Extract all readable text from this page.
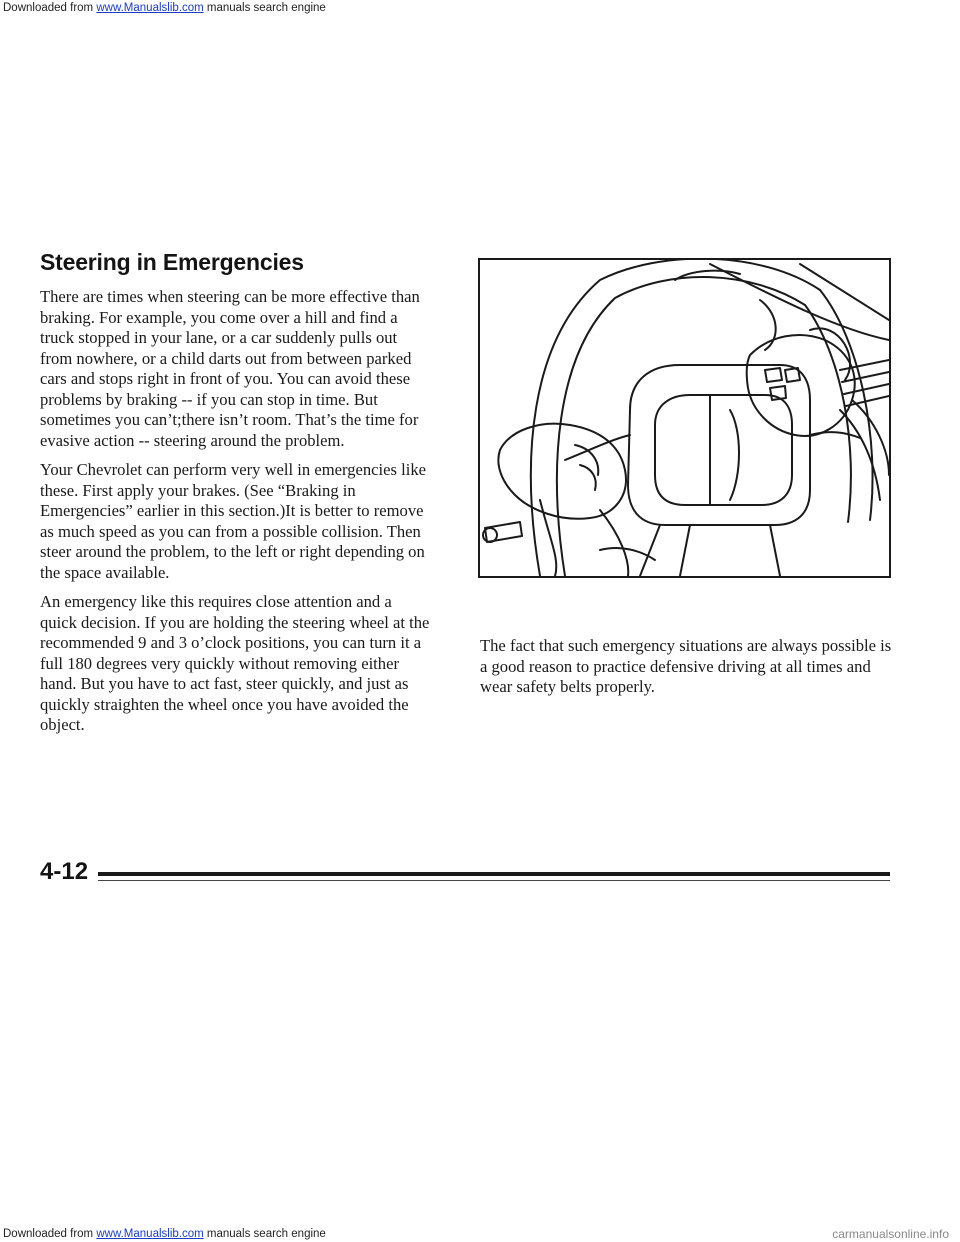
Downloaded from www.Manualslib.com manuals search engine
Steering in Emergencies

There are times when steering can be more effective than braking. For example, you come over a hill and find a truck stopped in your lane, or a car suddenly pulls out from nowhere, or a child darts out from between parked cars and stops right in front of you. You can avoid these problems by braking -- if you can stop in time. But sometimes you can’t;there isn’t room. That’s the time for evasive action -- steering around the problem.

Your Chevrolet can perform very well in emergencies like these. First apply your brakes. (See “Braking in Emergencies” earlier in this section.)It is better to remove as much speed as you can from a possible collision. Then steer around the problem, to the left or right depending on the space available.

An emergency like this requires close attention and a quick decision. If you are holding the steering wheel at the recommended 9 and 3 o’clock positions, you can turn it a full 180 degrees very quickly without removing either hand. But you have to act fast, steer quickly, and just as quickly straighten the wheel once you have avoided the object.

The fact that such emergency situations are always possible is a good reason to practice defensive driving at all times and wear safety belts properly.

4-12
Downloaded from www.Manualslib.com manuals search engine	carmanualsonline.info
